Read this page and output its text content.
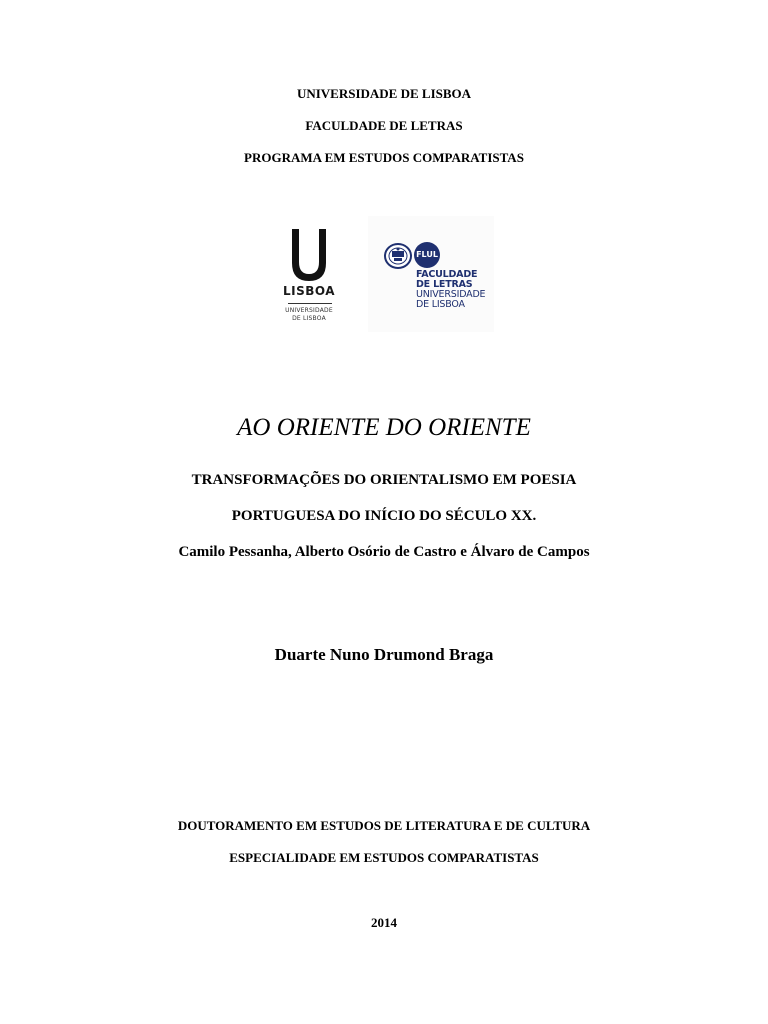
UNIVERSIDADE DE LISBOA
FACULDADE DE LETRAS
PROGRAMA EM ESTUDOS COMPARATISTAS
LISBOA
UNIVERSIDADE
DE LISBOA
FLUL
FACULDADE
DE LETRAS
UNIVERSIDADE
DE LISBOA
AO ORIENTE DO ORIENTE
TRANSFORMAÇÕES DO ORIENTALISMO EM POESIA
PORTUGUESA DO INÍCIO DO SÉCULO XX.
Camilo Pessanha, Alberto Osório de Castro e Álvaro de Campos
Duarte Nuno Drumond Braga
DOUTORAMENTO EM ESTUDOS DE LITERATURA E DE CULTURA
ESPECIALIDADE EM ESTUDOS COMPARATISTAS
2014
